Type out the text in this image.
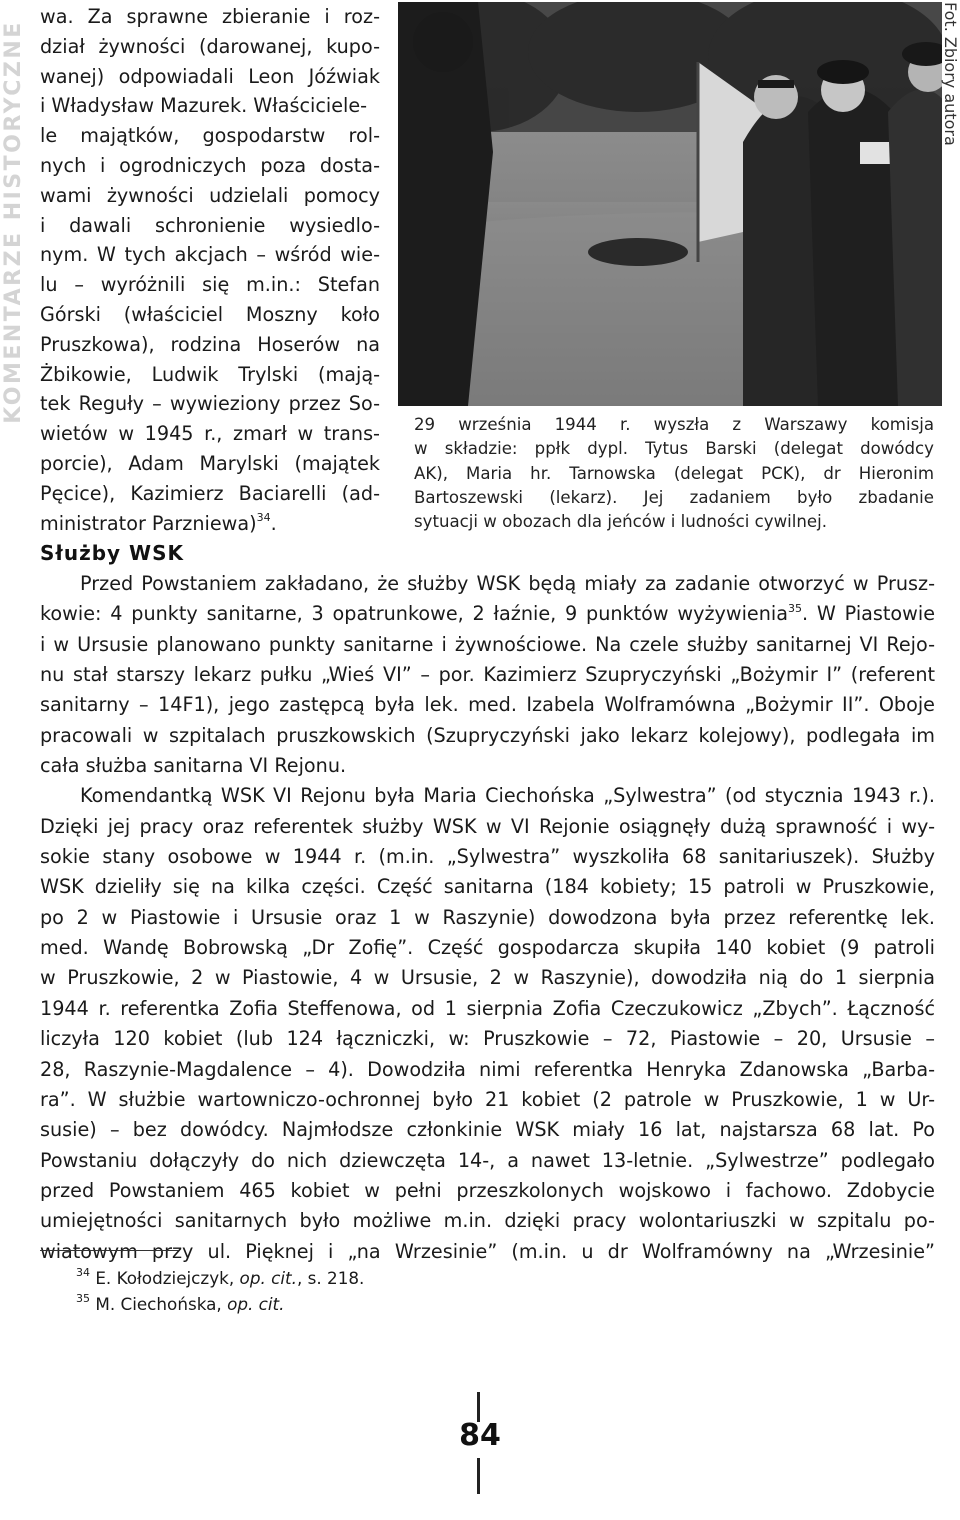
KOMENTARZE HISTORYCZNE
wa. Za sprawne zbieranie i roz-
dział żywności (darowanej, kupo-
wanej) odpowiadali Leon Jóźwiak
i Władysław Mazurek. Właściciele-
le majątków, gospodarstw rol-
nych i ogrodniczych poza dosta-
wami żywności udzielali pomocy
i dawali schronienie wysiedlo-
nym. W tych akcjach – wśród wie-
lu – wyróżnili się m.in.: Stefan
Górski (właściciel Moszny koło
Pruszkowa), rodzina Hoserów na
Żbikowie, Ludwik Trylski (mają-
tek Reguły – wywieziony przez So-
wietów w 1945 r., zmarł w trans-
porcie), Adam Marylski (majątek
Pęcice), Kazimierz Baciarelli (ad-
ministrator Parzniewa)$^{34}$.
Fot. Zbiory autora
29 września 1944 r. wyszła z Warszawy komisja
w składzie: ppłk dypl. Tytus Barski (delegat dowódcy
AK), Maria hr. Tarnowska (delegat PCK), dr Hieronim
Bartoszewski (lekarz). Jej zadaniem było zbadanie
sytuacji w obozach dla jeńców i ludności cywilnej.
Służby WSK
Przed Powstaniem zakładano, że służby WSK będą miały za zadanie otworzyć w Prusz-
kowie: 4 punkty sanitarne, 3 opatrunkowe, 2 łaźnie, 9 punktów wyżywienia$^{35}$. W Piastowie
i w Ursusie planowano punkty sanitarne i żywnościowe. Na czele służby sanitarnej VI Rejo-
nu stał starszy lekarz pułku „Wieś VI” – por. Kazimierz Szupryczyński „Bożymir I” (referent
sanitarny – 14F1), jego zastępcą była lek. med. Izabela Wolframówna „Bożymir II”. Oboje
pracowali w szpitalach pruszkowskich (Szupryczyński jako lekarz kolejowy), podlegała im
cała służba sanitarna VI Rejonu.
Komendantką WSK VI Rejonu była Maria Ciechońska „Sylwestra” (od stycznia 1943 r.).
Dzięki jej pracy oraz referentek służby WSK w VI Rejonie osiągnęły dużą sprawność i wy-
sokie stany osobowe w 1944 r. (m.in. „Sylwestra” wyszkoliła 68 sanitariuszek). Służby
WSK dzieliły się na kilka części. Część sanitarna (184 kobiety; 15 patroli w Pruszkowie,
po 2 w Piastowie i Ursusie oraz 1 w Raszynie) dowodzona była przez referentkę lek.
med. Wandę Bobrowską „Dr Zofię”. Część gospodarcza skupiła 140 kobiet (9 patroli
w Pruszkowie, 2 w Piastowie, 4 w Ursusie, 2 w Raszynie), dowodziła nią do 1 sierpnia
1944 r. referentka Zofia Steffenowa, od 1 sierpnia Zofia Czeczukowicz „Zbych”. Łączność
liczyła 120 kobiet (lub 124 łączniczki, w: Pruszkowie – 72, Piastowie – 20, Ursusie –
28, Raszynie-Magdalence – 4). Dowodziła nimi referentka Henryka Zdanowska „Barba-
ra”. W służbie wartowniczo-ochronnej było 21 kobiet (2 patrole w Pruszkowie, 1 w Ur-
susie) – bez dowódcy. Najmłodsze członkinie WSK miały 16 lat, najstarsza 68 lat. Po
Powstaniu dołączyły do nich dziewczęta 14-, a nawet 13-letnie. „Sylwestrze” podlegało
przed Powstaniem 465 kobiet w pełni przeszkolonych wojskowo i fachowo. Zdobycie
umiejętności sanitarnych było możliwe m.in. dzięki pracy wolontariuszki w szpitalu po-
wiatowym przy ul. Pięknej i „na Wrzesinie” (m.in. u dr Wolframówny na „Wrzesinie”
$^{34}$ E. Kołodziejczyk, op. cit., s. 218.
$^{35}$ M. Ciechońska, op. cit.
84
